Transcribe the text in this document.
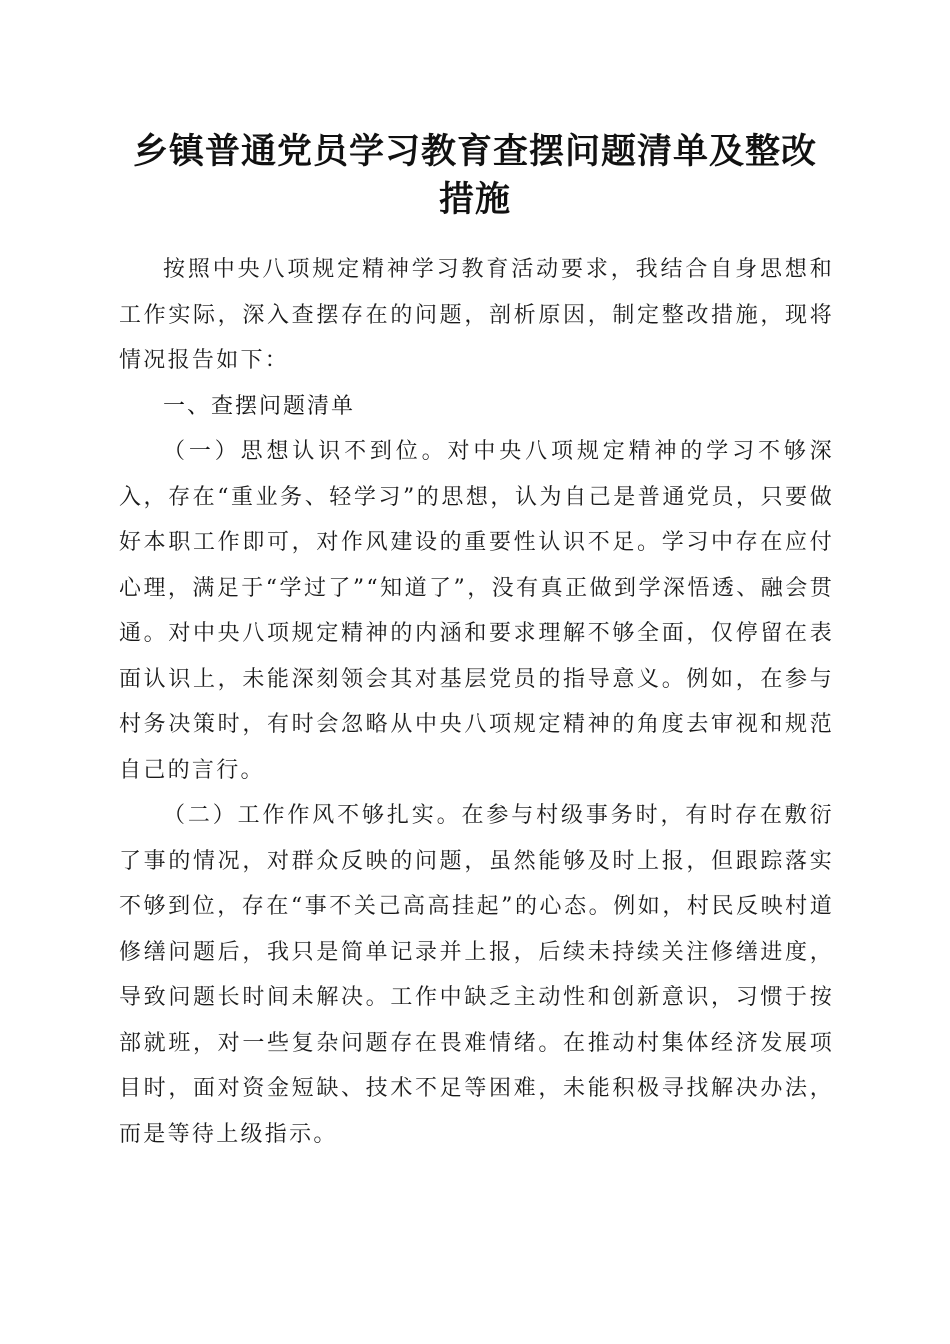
乡镇普通党员学习教育查摆问题清单及整改措施

按照中央八项规定精神学习教育活动要求，我结合自身思想和工作实际，深入查摆存在的问题，剖析原因，制定整改措施，现将情况报告如下：

一、查摆问题清单

（一）思想认识不到位。对中央八项规定精神的学习不够深入，存在“重业务、轻学习”的思想，认为自己是普通党员，只要做好本职工作即可，对作风建设的重要性认识不足。学习中存在应付心理，满足于“学过了”“知道了”，没有真正做到学深悟透、融会贯通。对中央八项规定精神的内涵和要求理解不够全面，仅停留在表面认识上，未能深刻领会其对基层党员的指导意义。例如，在参与村务决策时，有时会忽略从中央八项规定精神的角度去审视和规范自己的言行。

（二）工作作风不够扎实。在参与村级事务时，有时存在敷衍了事的情况，对群众反映的问题，虽然能够及时上报，但跟踪落实不够到位，存在“事不关己高高挂起”的心态。例如，村民反映村道修缮问题后，我只是简单记录并上报，后续未持续关注修缮进度，导致问题长时间未解决。工作中缺乏主动性和创新意识，习惯于按部就班，对一些复杂问题存在畏难情绪。在推动村集体经济发展项目时，面对资金短缺、技术不足等困难，未能积极寻找解决办法，而是等待上级指示。
